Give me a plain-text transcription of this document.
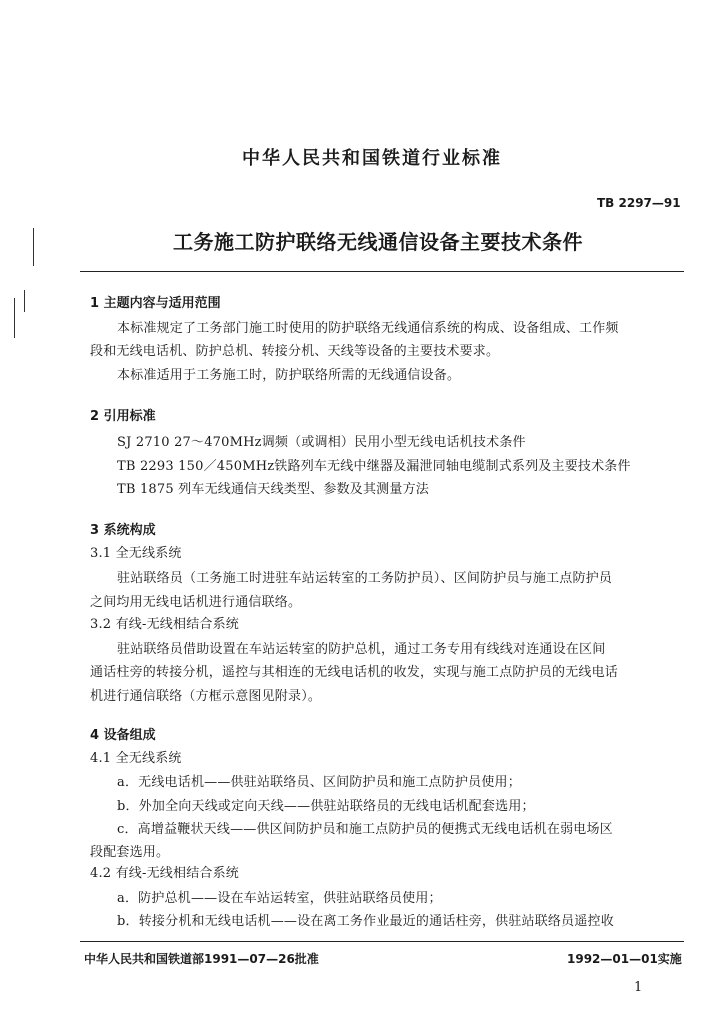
中华人民共和国铁道行业标准
TB 2297—91
工务施工防护联络无线通信设备主要技术条件
1 主题内容与适用范围
本标准规定了工务部门施工时使用的防护联络无线通信系统的构成、设备组成、工作频
段和无线电话机、防护总机、转接分机、天线等设备的主要技术要求。
本标准适用于工务施工时，防护联络所需的无线通信设备。
2 引用标准
SJ 2710 27～470MHz调频（或调相）民用小型无线电话机技术条件
TB 2293 150／450MHz铁路列车无线中继器及漏泄同轴电缆制式系列及主要技术条件
TB 1875 列车无线通信天线类型、参数及其测量方法
3 系统构成
3.1 全无线系统
驻站联络员（工务施工时进驻车站运转室的工务防护员）、区间防护员与施工点防护员
之间均用无线电话机进行通信联络。
3.2 有线-无线相结合系统
驻站联络员借助设置在车站运转室的防护总机，通过工务专用有线线对连通设在区间
通话柱旁的转接分机，遥控与其相连的无线电话机的收发，实现与施工点防护员的无线电话
机进行通信联络（方框示意图见附录）。
4 设备组成
4.1 全无线系统
a．无线电话机——供驻站联络员、区间防护员和施工点防护员使用；
b．外加全向天线或定向天线——供驻站联络员的无线电话机配套选用；
c．高增益鞭状天线——供区间防护员和施工点防护员的便携式无线电话机在弱电场区
段配套选用。
4.2 有线-无线相结合系统
a．防护总机——设在车站运转室，供驻站联络员使用；
b．转接分机和无线电话机——设在离工务作业最近的通话柱旁，供驻站联络员遥控收
中华人民共和国铁道部1991—07—26批准	1992—01—01实施
1
